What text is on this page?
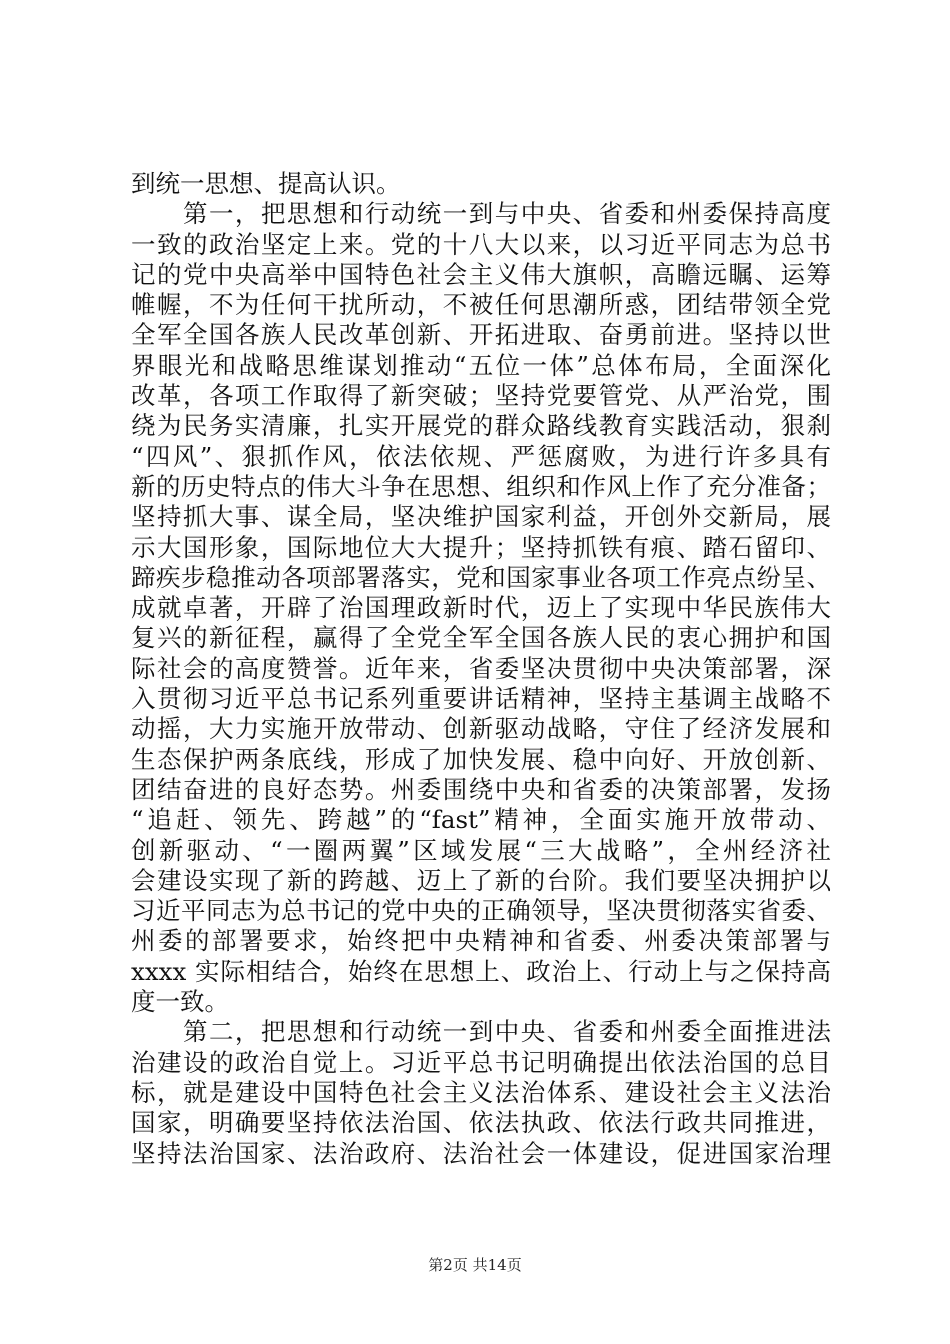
到统一思想、提高认识。
　　第一，把思想和行动统一到与中央、省委和州委保持高度
一致的政治坚定上来。党的十八大以来，以习近平同志为总书
记的党中央高举中国特色社会主义伟大旗帜，高瞻远瞩、运筹
帷幄，不为任何干扰所动，不被任何思潮所惑，团结带领全党
全军全国各族人民改革创新、开拓进取、奋勇前进。坚持以世
界眼光和战略思维谋划推动“五位一体”总体布局，全面深化
改革，各项工作取得了新突破；坚持党要管党、从严治党，围
绕为民务实清廉，扎实开展党的群众路线教育实践活动，狠刹
“四风”、狠抓作风，依法依规、严惩腐败，为进行许多具有
新的历史特点的伟大斗争在思想、组织和作风上作了充分准备；
坚持抓大事、谋全局，坚决维护国家利益，开创外交新局，展
示大国形象，国际地位大大提升；坚持抓铁有痕、踏石留印、
蹄疾步稳推动各项部署落实，党和国家事业各项工作亮点纷呈、
成就卓著，开辟了治国理政新时代，迈上了实现中华民族伟大
复兴的新征程，赢得了全党全军全国各族人民的衷心拥护和国
际社会的高度赞誉。近年来，省委坚决贯彻中央决策部署，深
入贯彻习近平总书记系列重要讲话精神，坚持主基调主战略不
动摇，大力实施开放带动、创新驱动战略，守住了经济发展和
生态保护两条底线，形成了加快发展、稳中向好、开放创新、
团结奋进的良好态势。州委围绕中央和省委的决策部署，发扬
“追赶、领先、跨越”的“fast”精神，全面实施开放带动、
创新驱动、“一圈两翼”区域发展“三大战略”，全州经济社
会建设实现了新的跨越、迈上了新的台阶。我们要坚决拥护以
习近平同志为总书记的党中央的正确领导，坚决贯彻落实省委、
州委的部署要求，始终把中央精神和省委、州委决策部署与
xxxx 实际相结合，始终在思想上、政治上、行动上与之保持高
度一致。
　　第二，把思想和行动统一到中央、省委和州委全面推进法
治建设的政治自觉上。习近平总书记明确提出依法治国的总目
标，就是建设中国特色社会主义法治体系、建设社会主义法治
国家，明确要坚持依法治国、依法执政、依法行政共同推进，
坚持法治国家、法治政府、法治社会一体建设，促进国家治理
第2页 共14页
